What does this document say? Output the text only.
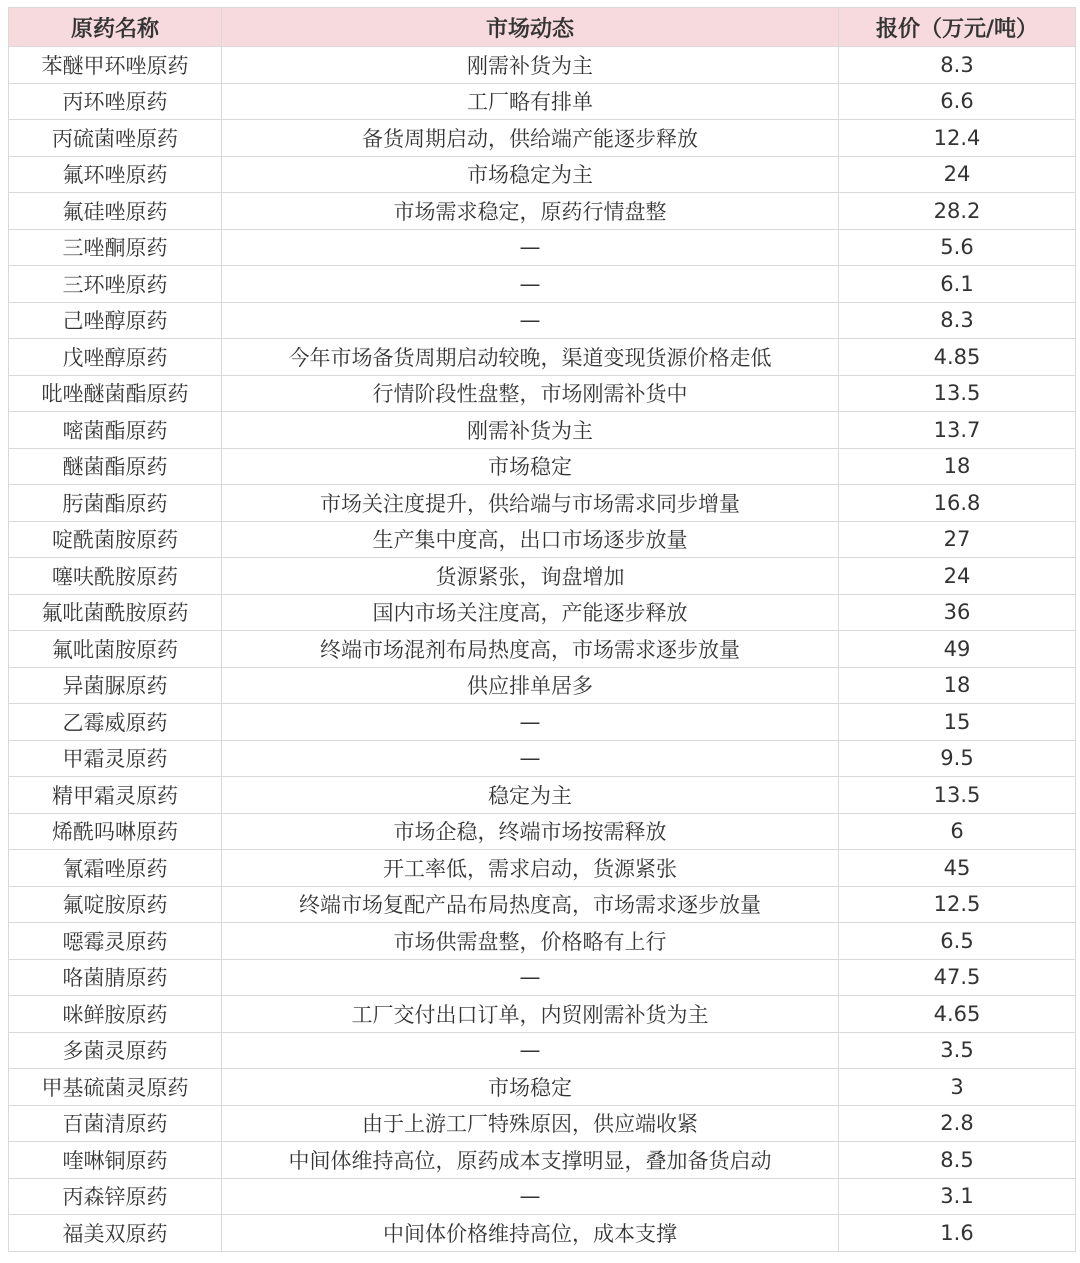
原药名称	市场动态	报价（万元/吨）
苯醚甲环唑原药	刚需补货为主	8.3
丙环唑原药	工厂略有排单	6.6
丙硫菌唑原药	备货周期启动，供给端产能逐步释放	12.4
氟环唑原药	市场稳定为主	24
氟硅唑原药	市场需求稳定，原药行情盘整	28.2
三唑酮原药	—	5.6
三环唑原药	—	6.1
己唑醇原药	—	8.3
戊唑醇原药	今年市场备货周期启动较晚，渠道变现货源价格走低	4.85
吡唑醚菌酯原药	行情阶段性盘整，市场刚需补货中	13.5
嘧菌酯原药	刚需补货为主	13.7
醚菌酯原药	市场稳定	18
肟菌酯原药	市场关注度提升，供给端与市场需求同步增量	16.8
啶酰菌胺原药	生产集中度高，出口市场逐步放量	27
噻呋酰胺原药	货源紧张，询盘增加	24
氟吡菌酰胺原药	国内市场关注度高，产能逐步释放	36
氟吡菌胺原药	终端市场混剂布局热度高，市场需求逐步放量	49
异菌脲原药	供应排单居多	18
乙霉威原药	—	15
甲霜灵原药	—	9.5
精甲霜灵原药	稳定为主	13.5
烯酰吗啉原药	市场企稳，终端市场按需释放	6
氰霜唑原药	开工率低，需求启动，货源紧张	45
氟啶胺原药	终端市场复配产品布局热度高，市场需求逐步放量	12.5
噁霉灵原药	市场供需盘整，价格略有上行	6.5
咯菌腈原药	—	47.5
咪鲜胺原药	工厂交付出口订单，内贸刚需补货为主	4.65
多菌灵原药	—	3.5
甲基硫菌灵原药	市场稳定	3
百菌清原药	由于上游工厂特殊原因，供应端收紧	2.8
喹啉铜原药	中间体维持高位，原药成本支撑明显，叠加备货启动	8.5
丙森锌原药	—	3.1
福美双原药	中间体价格维持高位，成本支撑	1.6
